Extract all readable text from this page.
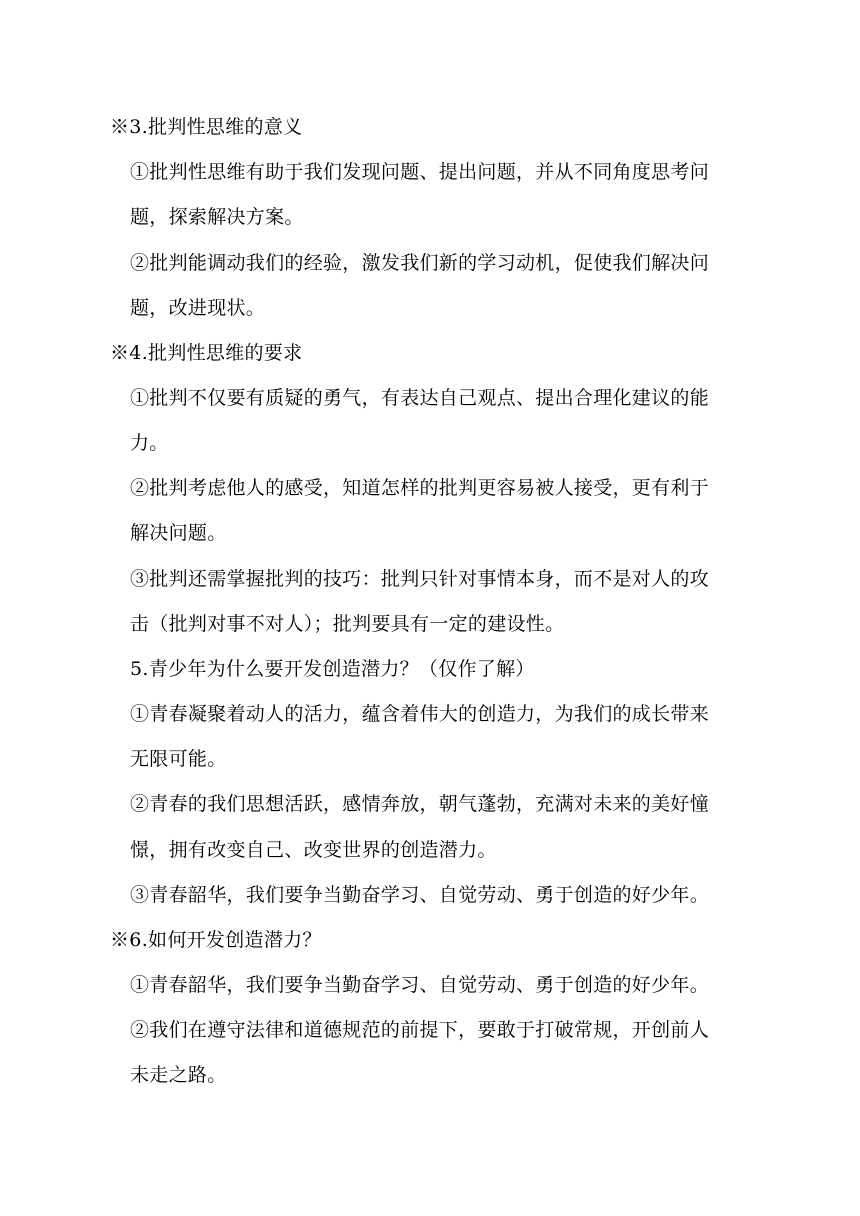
※3.批判性思维的意义
①批判性思维有助于我们发现问题、提出问题，并从不同角度思考问
题，探索解决方案。
②批判能调动我们的经验，激发我们新的学习动机，促使我们解决问
题，改进现状。
※4.批判性思维的要求
①批判不仅要有质疑的勇气，有表达自己观点、提出合理化建议的能
力。
②批判考虑他人的感受，知道怎样的批判更容易被人接受，更有利于
解决问题。
③批判还需掌握批判的技巧：批判只针对事情本身，而不是对人的攻
击（批判对事不对人）；批判要具有一定的建设性。
5.青少年为什么要开发创造潜力？（仅作了解）
①青春凝聚着动人的活力，蕴含着伟大的创造力，为我们的成长带来
无限可能。
②青春的我们思想活跃，感情奔放，朝气蓬勃，充满对未来的美好憧
憬，拥有改变自己、改变世界的创造潜力。
③青春韶华，我们要争当勤奋学习、自觉劳动、勇于创造的好少年。
※6.如何开发创造潜力？
①青春韶华，我们要争当勤奋学习、自觉劳动、勇于创造的好少年。
②我们在遵守法律和道德规范的前提下，要敢于打破常规，开创前人
未走之路。
